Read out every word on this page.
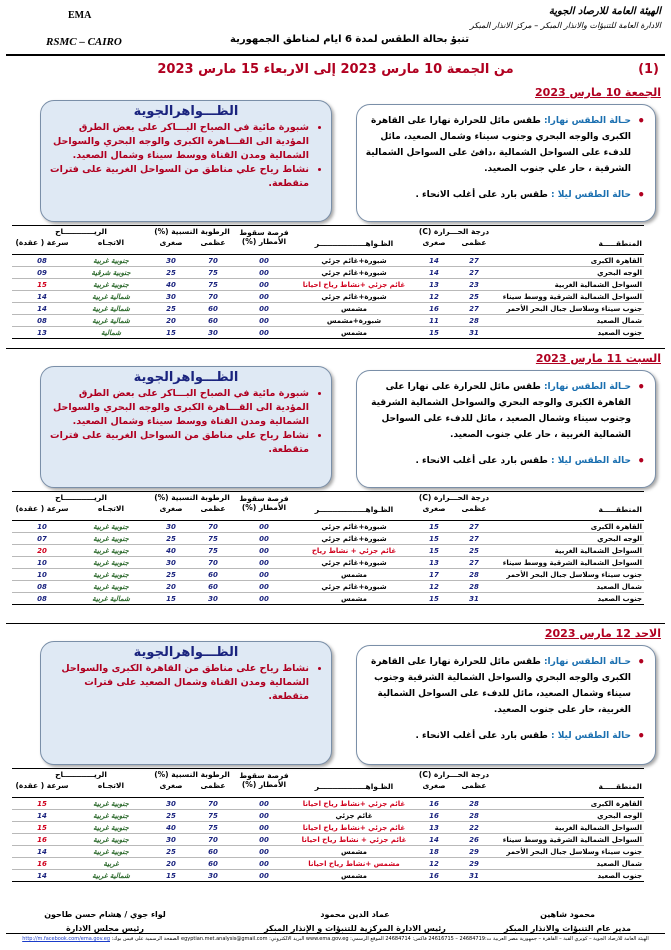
الهيئة العامة للارصاد الجوية
الادارة العامة للتنبؤات والانذار المبكر – مركز الانذار المبكر
EMA
RSMC – CAIRO	تنبؤ بحالة الطقس لمدة 6 ايام لمناطق الجمهورية
من الجمعة 10 مارس 2023 إلى الاربعاء 15 مارس 2023	(1)
الجمعة 10 مارس 2023
الظـــواهرالجوية
• شبورة مائية في الصباح البـــاكر على بعض الطرق المؤدية الى القـــاهرة الكبرى والوجه البحري والسواحل الشمالية ومدن القناة ووسط سيناء وشمال الصعيد.
• نشاط رياح علي مناطق من السواحل الغربية على فترات متقطعة.
• حـالة الطقس نهارا: طقس مائل للحرارة نهارا على القاهرة الكبرى والوجه البحري وجنوب سيناء وشمال الصعيد، مائل للدفء على السواحل الشمالية ،دافئ على السواحل الشمالية الشرقية ، حار علي جنوب الصعيد.
• حالة الطقس ليلا : طقس بارد على أغلب الانحاء .
المنطقـــــة	درجة الحـــرارة (C)		الظـواهــــــــــــــــــر	فرصة سقوط الأمطار (%)	الرطوبة النسبية (%)		الريــــــــــــاح	
	عظمى	صغرى			عظمى	صغرى	الاتجـاه	سرعة ( عقدة)

القاهرة الكبرى	27	14	شبورة+غائم جزئي	00	70	30	جنوبية غربية	08
الوجه البحري	27	14	شبورة+غائم جزئي	00	75	25	جنوبية شرقية	09
السواحل الشمالية الغربية	23	13	غائم جزئي +نشاط رياح احيانا	00	75	40	جنوبية غربية	15
السواحل الشمالية الشرقية ووسط سيناء	25	12	شبورة+غائم جزئي	00	70	30	شمالية غربية	14
جنوب سيناء وسلاسل جبال البحر الأحمر	27	16	مشمس	00	60	25	شمالية غربية	14
شمال الصعيد	28	11	شبورة+مشمس	00	60	20	شمالية غربية	08
جنوب الصعيد	31	15	مشمس	00	30	15	شمالية	13
السبت 11 مارس 2023
الظـــواهرالجوية
• شبورة مائية في الصباح البـــاكر على بعض الطرق المؤدية الى القـــاهرة الكبرى والوجه البحري والسواحل الشمالية ومدن القناة ووسط سيناء وشمال الصعيد.
• نشاط رياح علي مناطق من السواحل الغربية على فترات متقطعة.
• حـالة الطقس نهارا: طقس مائل للحرارة على نهارا على القاهرة الكبرى والوجه البحري والسواحل الشمالية الشرقية وجنوب سيناء وشمال الصعيد ، مائل للدفء على السواحل الشمالية الغربية ، حار علي جنوب الصعيد.
• حالة الطقس ليلا : طقس بارد على أغلب الانحاء .
المنطقـــــة	درجة الحـــرارة (C)		الظـواهــــــــــــــــــر	فرصة سقوط الأمطار (%)	الرطوبة النسبية (%)		الريــــــــــــاح	
	عظمى	صغرى			عظمى	صغرى	الاتجـاه	سرعة ( عقدة)

القاهرة الكبرى	27	15	شبورة+غائم جزئي	00	70	30	جنوبية غربية	10
الوجه البحري	27	15	شبورة+غائم جزئي	00	75	25	جنوبية غربية	07
السواحل الشمالية الغربية	25	15	غائم جزئي + نشاط رياح	00	75	40	جنوبية غربية	20
السواحل الشمالية الشرقية ووسط سيناء	27	13	شبورة+غائم جزئي	00	70	30	جنوبية غربية	10
جنوب سيناء وسلاسل جبال البحر الأحمر	28	17	مشمس	00	60	25	جنوبية غربية	10
شمال الصعيد	28	12	شبورة+غائم جزئي	00	60	20	جنوبية غربية	08
جنوب الصعيد	31	15	مشمس	00	30	15	شمالية غربية	08
الاحد 12 مارس 2023
الظـــواهرالجوية
• نشاط رياح على مناطق من القاهرة الكبرى والسواحل الشمالية ومدن القناة وشمال الصعيد على فترات متقطعة.
• حـالة الطقس نهارا: طقس مائل للحرارة نهارا على القاهرة الكبرى والوجه البحري والسواحل الشمالية الشرقية وجنوب سيناء وشمال الصعيد، مائل للدفء على السواحل الشمالية الغربية، حار على جنوب الصعيد.
• حالة الطقس ليلا : طقس بارد على أغلب الانحاء .
المنطقـــــة	درجة الحـــرارة (C)		الظـواهــــــــــــــــــر	فرصة سقوط الأمطار (%)	الرطوبة النسبية (%)		الريــــــــــــاح	
	عظمى	صغرى			عظمى	صغرى	الاتجـاه	سرعة ( عقدة)

القاهرة الكبرى	28	16	غائم جزئي +نشاط رياح احيانا	00	70	30	جنوبية غربية	15
الوجه البحري	28	16	غائم جزئي	00	75	25	جنوبية غربية	14
السواحل الشمالية الغربية	22	13	غائم جزئي +نشاط رياح احيانا	00	75	40	جنوبية غربية	15
السواحل الشمالية الشرقية ووسط سيناء	26	14	غائم جزئي + نشاط رياح احيانا	00	70	30	جنوبية غربية	16
جنوب سيناء وسلاسل جبال البحر الأحمر	29	18	مشمس	00	60	25	جنوبية غربية	14
شمال الصعيد	29	12	مشمس +نشاط رياح احيانا	00	60	20	غربية	16
جنوب الصعيد	31	16	مشمس	00	30	15	شمالية غربية	14
لواء جوي / هشام حسن طاحون
رئيس مجلس الادارة
عماد الدين محمود
رئيس الادارة المركزية للتنبؤات و الإنذار المبكر
محمود شاهين
مدير عام التنبؤات والانذار المبكر
الهيئة العامة للارصاد الجوية – كوبري القبة – القاهرة – جمهورية مصر العربية ت:24684719 – 24616715 فاكس: 24684714 الموقع الرسمي: www.ema.gov.eg البريد الالكتروني: egyptian.met.analysis@gmail.com الصفحة الرسمية على فيس بوك: http://m.facebook.com/ema.gov.eg
